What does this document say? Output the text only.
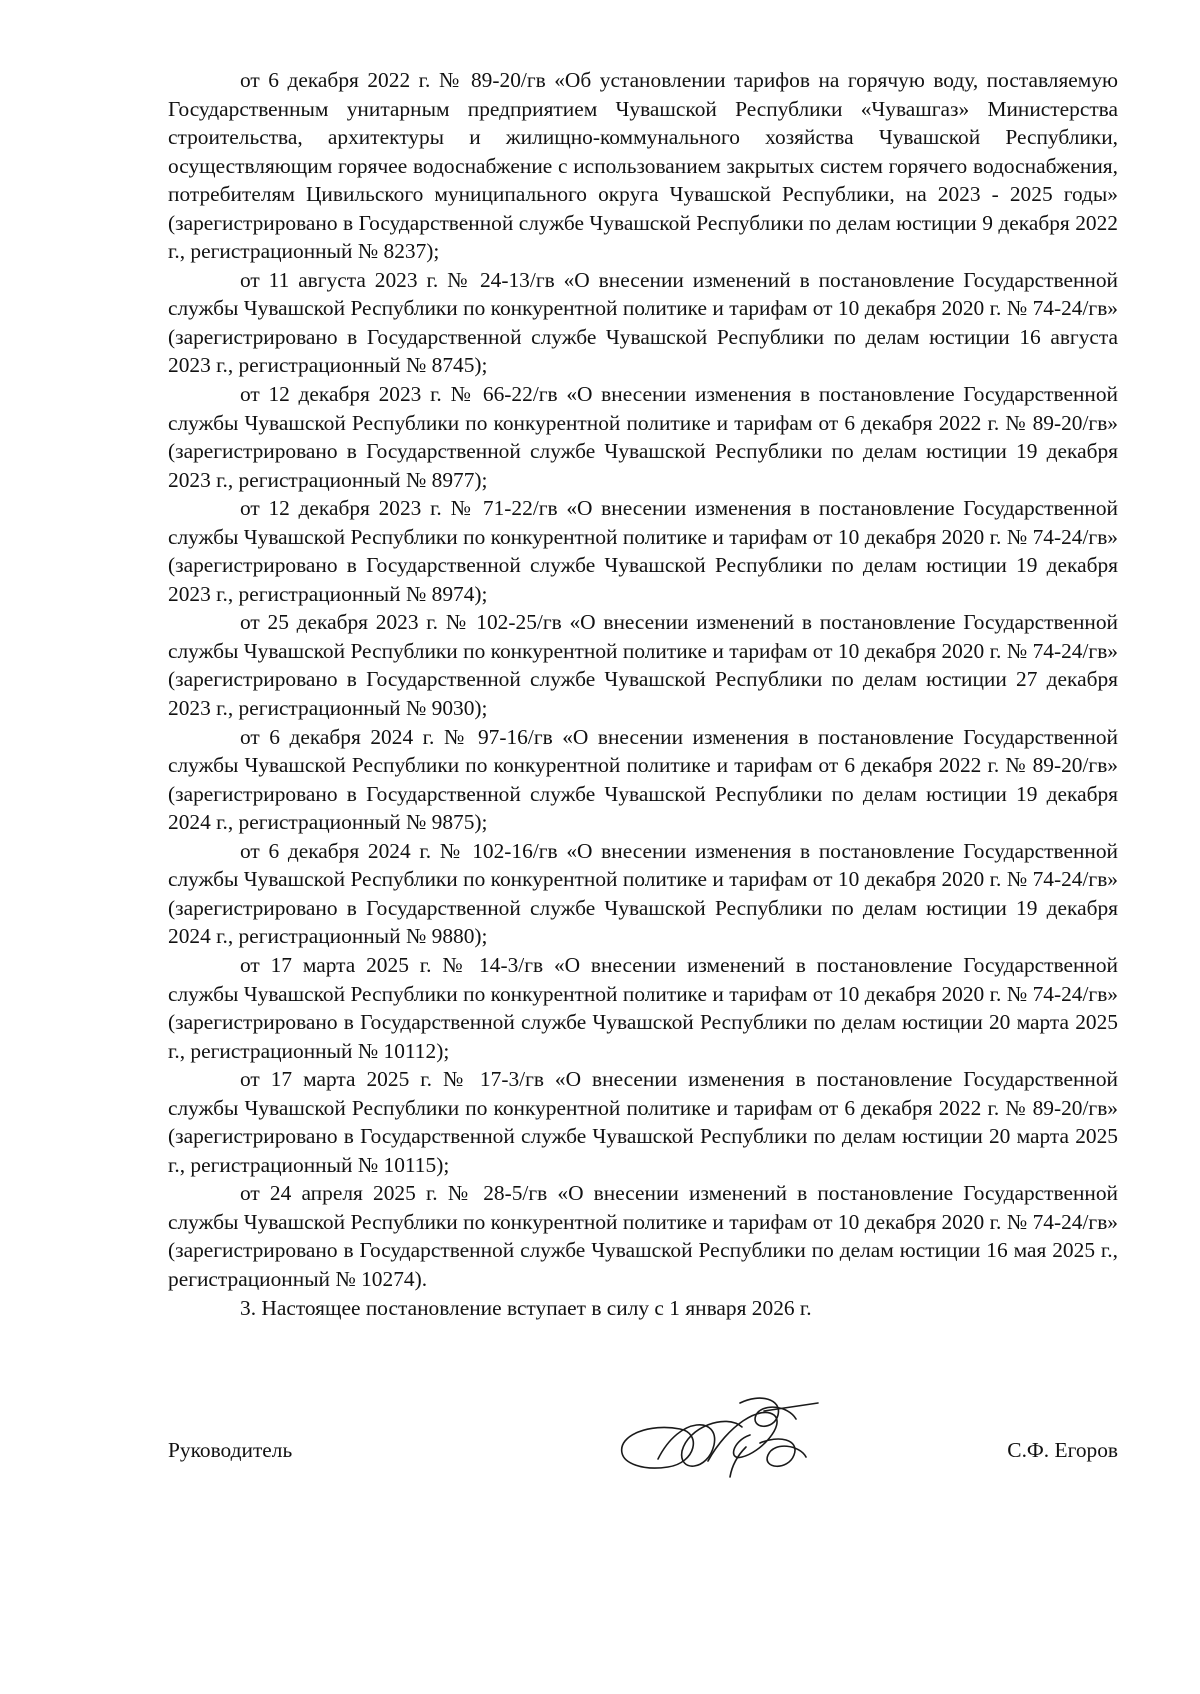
от 6 декабря 2022 г. № 89-20/гв «Об установлении тарифов на горячую воду, поставляемую Государственным унитарным предприятием Чувашской Республики «Чувашгаз» Министерства строительства, архитектуры и жилищно-коммунального хозяйства Чувашской Республики, осуществляющим горячее водоснабжение с использованием закрытых систем горячего водоснабжения, потребителям Цивильского муниципального округа Чувашской Республики, на 2023 - 2025 годы» (зарегистрировано в Государственной службе Чувашской Республики по делам юстиции 9 декабря 2022 г., регистрационный № 8237);

от 11 августа 2023 г. № 24-13/гв «О внесении изменений в постановление Государственной службы Чувашской Республики по конкурентной политике и тарифам от 10 декабря 2020 г. № 74-24/гв» (зарегистрировано в Государственной службе Чувашской Республики по делам юстиции 16 августа 2023 г., регистрационный № 8745);

от 12 декабря 2023 г. № 66-22/гв «О внесении изменения в постановление Государственной службы Чувашской Республики по конкурентной политике и тарифам от 6 декабря 2022 г. № 89-20/гв» (зарегистрировано в Государственной службе Чувашской Республики по делам юстиции 19 декабря 2023 г., регистрационный № 8977);

от 12 декабря 2023 г. № 71-22/гв «О внесении изменения в постановление Государственной службы Чувашской Республики по конкурентной политике и тарифам от 10 декабря 2020 г. № 74-24/гв» (зарегистрировано в Государственной службе Чувашской Республики по делам юстиции 19 декабря 2023 г., регистрационный № 8974);

от 25 декабря 2023 г. № 102-25/гв «О внесении изменений в постановление Государственной службы Чувашской Республики по конкурентной политике и тарифам от 10 декабря 2020 г. № 74-24/гв» (зарегистрировано в Государственной службе Чувашской Республики по делам юстиции 27 декабря 2023 г., регистрационный № 9030);

от 6 декабря 2024 г. № 97-16/гв «О внесении изменения в постановление Государственной службы Чувашской Республики по конкурентной политике и тарифам от 6 декабря 2022 г. № 89-20/гв» (зарегистрировано в Государственной службе Чувашской Республики по делам юстиции 19 декабря 2024 г., регистрационный № 9875);

от 6 декабря 2024 г. № 102-16/гв «О внесении изменения в постановление Государственной службы Чувашской Республики по конкурентной политике и тарифам от 10 декабря 2020 г. № 74-24/гв» (зарегистрировано в Государственной службе Чувашской Республики по делам юстиции 19 декабря 2024 г., регистрационный № 9880);

от 17 марта 2025 г. № 14-3/гв «О внесении изменений в постановление Государственной службы Чувашской Республики по конкурентной политике и тарифам от 10 декабря 2020 г. № 74-24/гв» (зарегистрировано в Государственной службе Чувашской Республики по делам юстиции 20 марта 2025 г., регистрационный № 10112);

от 17 марта 2025 г. № 17-3/гв «О внесении изменения в постановление Государственной службы Чувашской Республики по конкурентной политике и тарифам от 6 декабря 2022 г. № 89-20/гв» (зарегистрировано в Государственной службе Чувашской Республики по делам юстиции 20 марта 2025 г., регистрационный № 10115);

от 24 апреля 2025 г. № 28-5/гв «О внесении изменений в постановление Государственной службы Чувашской Республики по конкурентной политике и тарифам от 10 декабря 2020 г. № 74-24/гв» (зарегистрировано в Государственной службе Чувашской Республики по делам юстиции 16 мая 2025 г., регистрационный № 10274).

3. Настоящее постановление вступает в силу с 1 января 2026 г.

Руководитель	С.Ф. Егоров
